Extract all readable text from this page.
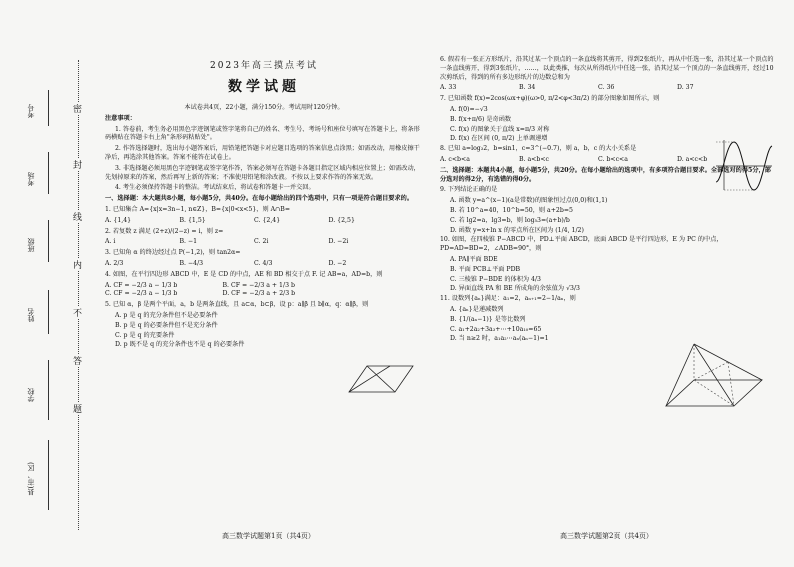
密
封
线
内
不
答
题
考号
考场
班级
姓名
学校
县(市、区)
2023年高三摸点考试
数学试题

本试卷共4页，22小题，满分150分。考试用时120分钟。

注意事项：

1. 答卷前，考生务必用黑色字迹钢笔或签字笔将自己的姓名、考生号、考场号和座位号填写在答题卡上，将条形码横贴在答题卡右上角"条形码粘贴处"。

2. 作答选择题时，选出每小题答案后，用铅笔把答题卡对应题目选项的答案信息点涂黑；如需改动，用橡皮擦干净后，再选涂其他答案。答案不能答在试卷上。

3. 非选择题必须用黑色字迹钢笔或签字笔作答，答案必须写在答题卡各题目指定区域内相应位置上；如需改动，先划掉原来的答案，然后再写上新的答案；不准使用铅笔和涂改液。不按以上要求作答的答案无效。

4. 考生必须保持答题卡的整洁。考试结束后，将试卷和答题卡一并交回。

一、选择题：本大题共8小题，每小题5分，共40分。在每小题给出的四个选项中，只有一项是符合题目要求的。

1. 已知集合 A={x|x=3n−1, n∈Z}，B={x|0<x<5}，则 A∩B=

A. {1,4}	B. {1,5}	C. {2,4}	D. {2,5}

2. 若复数 z 满足 (2+z)/(2−z) = i，则 z=

A. i	B. −1	C. 2i	D. −2i

3. 已知角 α 的终边经过点 P(−1,2)，则 tan2α=

A. 2/3	B. −4/3	C. 4/3	D. −2

4. 如图，在平行四边形 ABCD 中，E 是 CD 的中点，AE 和 BD 相交于点 F. 记 AB=a，AD=b，则

A. CF = −2/3 a − 1/3 b	B. CF = −2/3 a + 1/3 b
C. CF = −2/3 a − 1/3 b	D. CF = −2/3 a + 2/3 b

5. 已知 α，β 是两个平面，a，b 是两条直线，且 a⊂α，b⊂β，设 p：a∥β 且 b∥α，q：α∥β，则

A. p 是 q 的充分条件但不是必要条件

B. p 是 q 的必要条件但不是充分条件

C. p 是 q 的充要条件

D. p 既不是 q 的充分条件也不是 q 的必要条件

高三数学试题第1页（共4页）

6. 假若有一张正方形纸片，沿其过某一个顶点的一条直线将其剪开，得到2张纸片，再从中任选一张，沿其过某一个顶点的一条直线剪开，得到3张纸片，……，以此类推，每次从所得纸片中任选一张，沿其过某一个顶点的一条直线剪开，经过10次剪纸后，得到的所有多边形纸片的边数总和为

A. 33	B. 34	C. 36	D. 37

7. 已知函数 f(x)=2cos(ωx+φ)(ω>0, π/2<φ<3π/2) 的部分图象如图所示，则

A. f(0)=−√3

B. f(x+π/6) 是奇函数

C. f(x) 的图象关于直线 x=π/3 对称

D. f(x) 在区间 (0, π/2) 上单调递增

8. 已知 a=log₃2，b=sin1，c=3^(−0.7)，则 a，b，c 的大小关系是

A. c<b<a	B. a<b<c	C. b<c<a	D. a<c<b

二、选择题：本题共4小题，每小题5分，共20分。在每小题给出的选项中，有多项符合题目要求。全部选对的得5分，部分选对的得2分，有选错的得0分。

9. 下列结论正确的是

A. 函数 y=a^(x−1)(a是常数)的图象恒过点(0,0)和(1,1)

B. 若 10^a=40，10^b=50，则 a+2b=5

C. 若 lg2=a，lg3=b，则 log₅3=(a+b)/b

D. 函数 y=x+ln x 的零点所在区间为 (1/4, 1/2)

10. 如图，在四棱锥 P−ABCD 中，PD⊥平面 ABCD，底面 ABCD 是平行四边形，E 为 PC 的中点，PD=AD=BD=2，∠ADB=90°，则

A. PA∥平面 BDE

B. 平面 PCB⊥平面 PDB

C. 三棱锥 P−BDE 的体积为 4/3

D. 异面直线 PA 和 BE 所成角的余弦值为 √3/3

11. 设数列{aₙ}满足：a₁=2，aₙ₊₁=2−1/aₙ，则

A. {aₙ}是递减数列

B. {1/(aₙ−1)} 是等比数列

C. a₁+2a₂+3a₃+⋯+10a₁₀=65

D. 当 n≥2 时，a₁a₂⋯aₙ(aₙ−1)=1

高三数学试题第2页（共4页）
